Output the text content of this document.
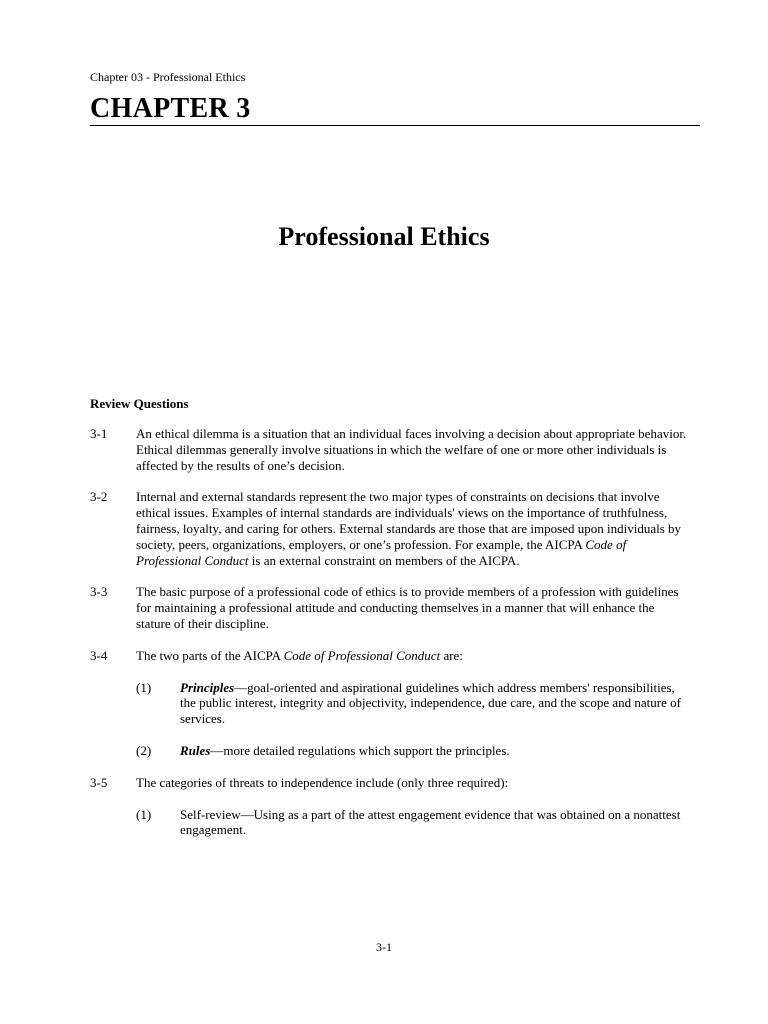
Chapter 03 - Professional Ethics
CHAPTER 3
Professional Ethics
Review Questions
3-1	An ethical dilemma is a situation that an individual faces involving a decision about appropriate behavior. Ethical dilemmas generally involve situations in which the welfare of one or more other individuals is affected by the results of one’s decision.
3-2	Internal and external standards represent the two major types of constraints on decisions that involve ethical issues. Examples of internal standards are individuals' views on the importance of truthfulness, fairness, loyalty, and caring for others. External standards are those that are imposed upon individuals by society, peers, organizations, employers, or one’s profession. For example, the AICPA Code of Professional Conduct is an external constraint on members of the AICPA.
3-3	The basic purpose of a professional code of ethics is to provide members of a profession with guidelines for maintaining a professional attitude and conducting themselves in a manner that will enhance the stature of their discipline.
3-4	The two parts of the AICPA Code of Professional Conduct are:
(1)	Principles—goal-oriented and aspirational guidelines which address members' responsibilities, the public interest, integrity and objectivity, independence, due care, and the scope and nature of services.
(2)	Rules—more detailed regulations which support the principles.
3-5	The categories of threats to independence include (only three required):
(1)	Self-review—Using as a part of the attest engagement evidence that was obtained on a nonattest engagement.
3-1
